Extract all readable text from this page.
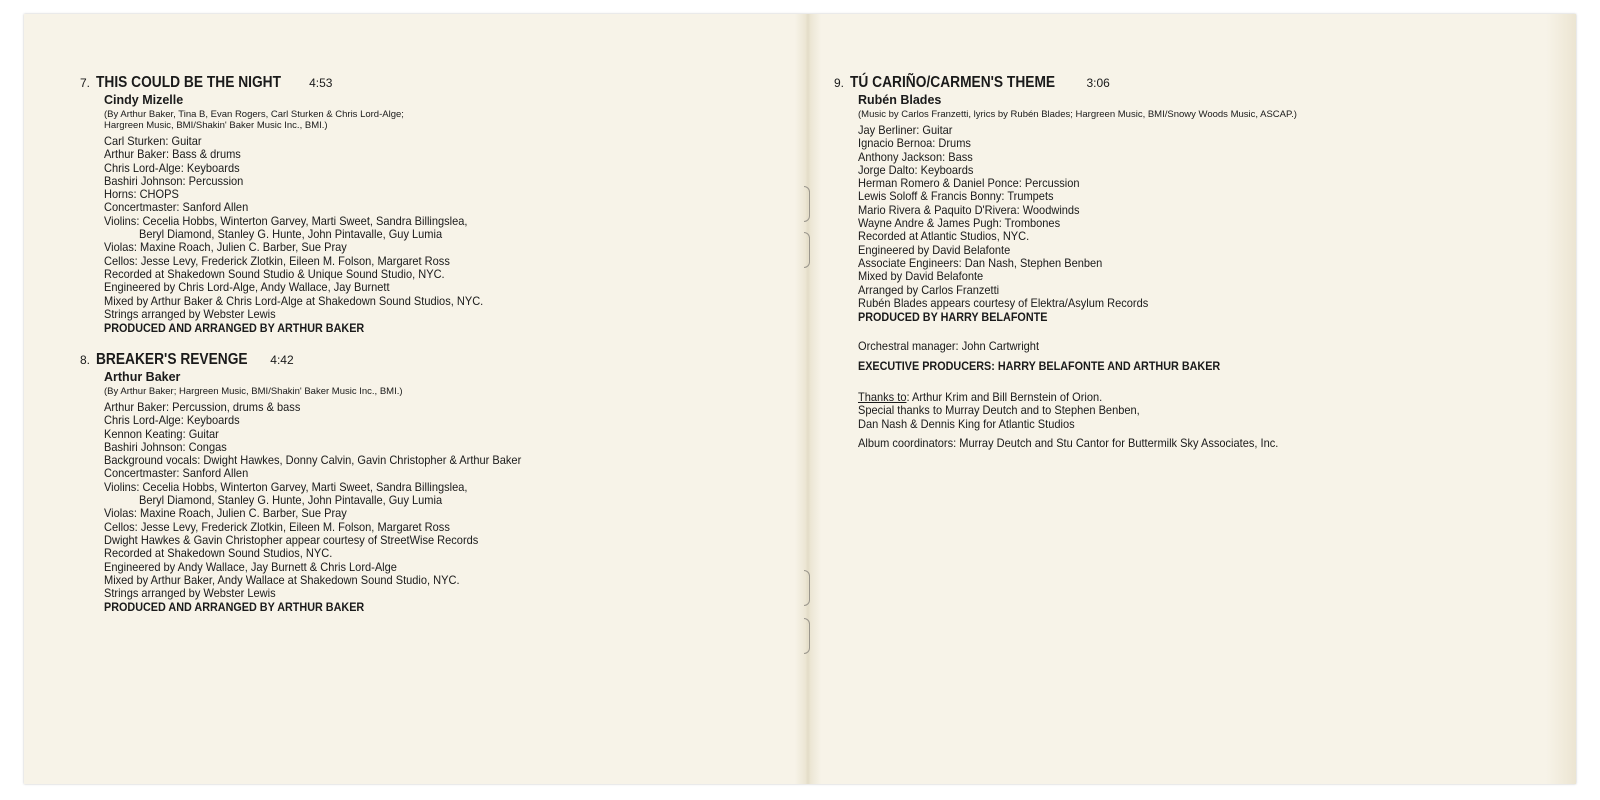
7. THIS COULD BE THE NIGHT 4:53
Cindy Mizelle
(By Arthur Baker, Tina B, Evan Rogers, Carl Sturken & Chris Lord-Alge;
Hargreen Music, BMI/Shakin' Baker Music Inc., BMI.)
Carl Sturken: Guitar
Arthur Baker: Bass & drums
Chris Lord-Alge: Keyboards
Bashiri Johnson: Percussion
Horns: CHOPS
Concertmaster: Sanford Allen
Violins: Cecelia Hobbs, Winterton Garvey, Marti Sweet, Sandra Billingslea,
Beryl Diamond, Stanley G. Hunte, John Pintavalle, Guy Lumia
Violas: Maxine Roach, Julien C. Barber, Sue Pray
Cellos: Jesse Levy, Frederick Zlotkin, Eileen M. Folson, Margaret Ross
Recorded at Shakedown Sound Studio & Unique Sound Studio, NYC.
Engineered by Chris Lord-Alge, Andy Wallace, Jay Burnett
Mixed by Arthur Baker & Chris Lord-Alge at Shakedown Sound Studios, NYC.
Strings arranged by Webster Lewis
PRODUCED AND ARRANGED BY ARTHUR BAKER
8. BREAKER'S REVENGE 4:42
Arthur Baker
(By Arthur Baker; Hargreen Music, BMI/Shakin' Baker Music Inc., BMI.)
Arthur Baker: Percussion, drums & bass
Chris Lord-Alge: Keyboards
Kennon Keating: Guitar
Bashiri Johnson: Congas
Background vocals: Dwight Hawkes, Donny Calvin, Gavin Christopher & Arthur Baker
Concertmaster: Sanford Allen
Violins: Cecelia Hobbs, Winterton Garvey, Marti Sweet, Sandra Billingslea,
Beryl Diamond, Stanley G. Hunte, John Pintavalle, Guy Lumia
Violas: Maxine Roach, Julien C. Barber, Sue Pray
Cellos: Jesse Levy, Frederick Zlotkin, Eileen M. Folson, Margaret Ross
Dwight Hawkes & Gavin Christopher appear courtesy of StreetWise Records
Recorded at Shakedown Sound Studios, NYC.
Engineered by Andy Wallace, Jay Burnett & Chris Lord-Alge
Mixed by Arthur Baker, Andy Wallace at Shakedown Sound Studio, NYC.
Strings arranged by Webster Lewis
PRODUCED AND ARRANGED BY ARTHUR BAKER
9. TÚ CARIÑO/CARMEN'S THEME	3:06
Rubén Blades
(Music by Carlos Franzetti, lyrics by Rubén Blades; Hargreen Music, BMI/Snowy Woods Music, ASCAP.)
Jay Berliner: Guitar
Ignacio Bernoa: Drums
Anthony Jackson: Bass
Jorge Dalto: Keyboards
Herman Romero & Daniel Ponce: Percussion
Lewis Soloff & Francis Bonny: Trumpets
Mario Rivera & Paquito D'Rivera: Woodwinds
Wayne Andre & James Pugh: Trombones
Recorded at Atlantic Studios, NYC.
Engineered by David Belafonte
Associate Engineers: Dan Nash, Stephen Benben
Mixed by David Belafonte
Arranged by Carlos Franzetti
Rubén Blades appears courtesy of Elektra/Asylum Records
PRODUCED BY HARRY BELAFONTE
Orchestral manager: John Cartwright
EXECUTIVE PRODUCERS: HARRY BELAFONTE AND ARTHUR BAKER
Thanks to: Arthur Krim and Bill Bernstein of Orion.
Special thanks to Murray Deutch and to Stephen Benben,
Dan Nash & Dennis King for Atlantic Studios
Album coordinators: Murray Deutch and Stu Cantor for Buttermilk Sky Associates, Inc.
